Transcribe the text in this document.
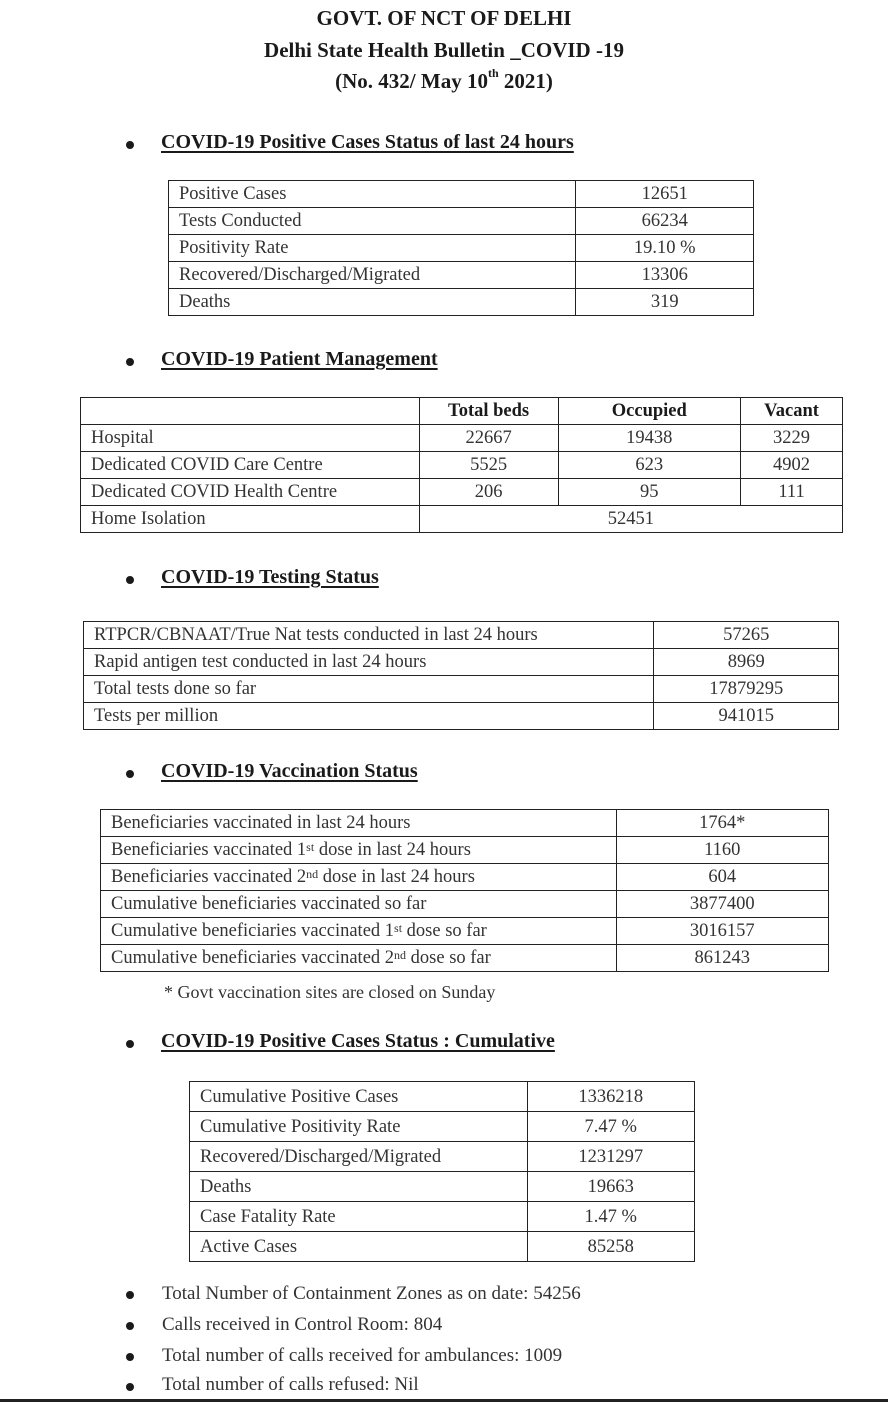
GOVT. OF NCT OF DELHI
Delhi State Health Bulletin _COVID -19
(No. 432/ May 10th 2021)
COVID-19 Positive Cases Status of last 24 hours
Positive Cases	12651
Tests Conducted	66234
Positivity Rate	19.10 %
Recovered/Discharged/Migrated	13306
Deaths	319
COVID-19 Patient Management
	Total beds	Occupied	Vacant
Hospital	22667	19438	3229
Dedicated COVID Care Centre	5525	623	4902
Dedicated COVID Health Centre	206	95	111
Home Isolation	52451		
COVID-19 Testing Status
RTPCR/CBNAAT/True Nat tests conducted in last 24 hours	57265
Rapid antigen test conducted in last 24 hours	8969
Total tests done so far	17879295
Tests per million	941015
COVID-19 Vaccination Status
Beneficiaries vaccinated in last 24 hours	1764*
Beneficiaries vaccinated 1st dose in last 24 hours	1160
Beneficiaries vaccinated 2nd dose in last 24 hours	604
Cumulative beneficiaries vaccinated so far	3877400
Cumulative beneficiaries vaccinated 1st dose so far	3016157
Cumulative beneficiaries vaccinated 2nd dose so far	861243
* Govt vaccination sites are closed on Sunday
COVID-19 Positive Cases Status : Cumulative
Cumulative Positive Cases	1336218
Cumulative Positivity Rate	7.47 %
Recovered/Discharged/Migrated	1231297
Deaths	19663
Case Fatality Rate	1.47 %
Active Cases	85258
Total Number of Containment Zones as on date: 54256
Calls received in Control Room: 804
Total number of calls received for ambulances: 1009
Total number of calls refused: Nil
